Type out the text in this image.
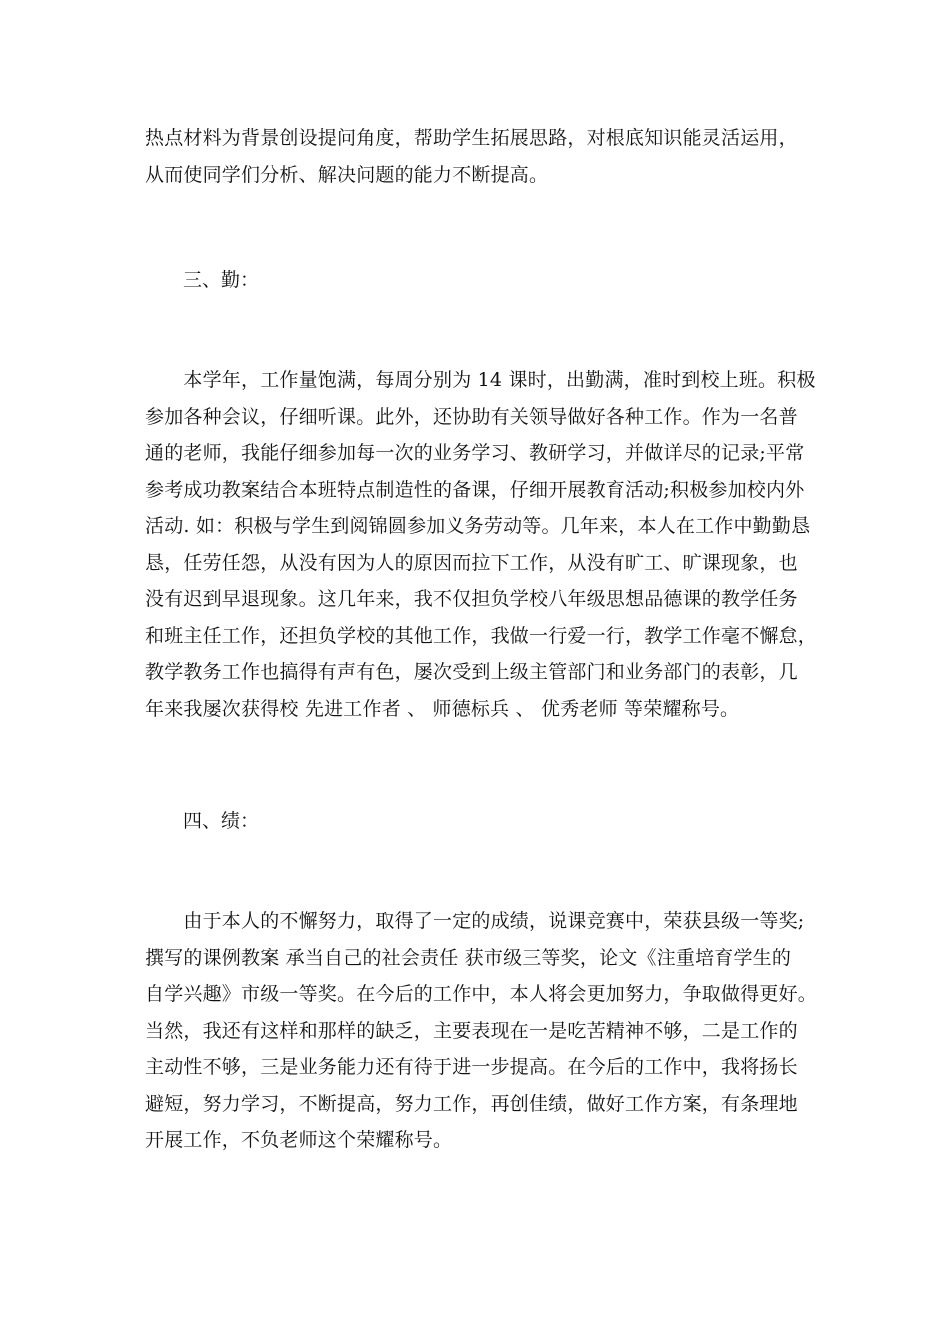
热点材料为背景创设提问角度，帮助学生拓展思路，对根底知识能灵活运用，
从而使同学们分析、解决问题的能力不断提高。

三、勤：

　　本学年，工作量饱满，每周分别为 14 课时，出勤满，准时到校上班。积极
参加各种会议，仔细听课。此外，还协助有关领导做好各种工作。作为一名普
通的老师，我能仔细参加每一次的业务学习、教研学习，并做详尽的记录;平常
参考成功教案结合本班特点制造性的备课，仔细开展教育活动;积极参加校内外
活动. 如：积极与学生到阅锦圆参加义务劳动等。几年来，本人在工作中勤勤恳
恳，任劳任怨，从没有因为人的原因而拉下工作，从没有旷工、旷课现象，也
没有迟到早退现象。这几年来，我不仅担负学校八年级思想品德课的教学任务
和班主任工作，还担负学校的其他工作，我做一行爱一行，教学工作毫不懈怠，
教学教务工作也搞得有声有色，屡次受到上级主管部门和业务部门的表彰，几
年来我屡次获得校 先进工作者 、 师德标兵 、 优秀老师 等荣耀称号。

四、绩：

　　由于本人的不懈努力，取得了一定的成绩，说课竞赛中，荣获县级一等奖;
撰写的课例教案 承当自己的社会责任 获市级三等奖，论文《注重培育学生的
自学兴趣》市级一等奖。在今后的工作中，本人将会更加努力，争取做得更好。
当然，我还有这样和那样的缺乏，主要表现在一是吃苦精神不够，二是工作的
主动性不够，三是业务能力还有待于进一步提高。在今后的工作中，我将扬长
避短，努力学习，不断提高，努力工作，再创佳绩，做好工作方案，有条理地
开展工作，不负老师这个荣耀称号。
